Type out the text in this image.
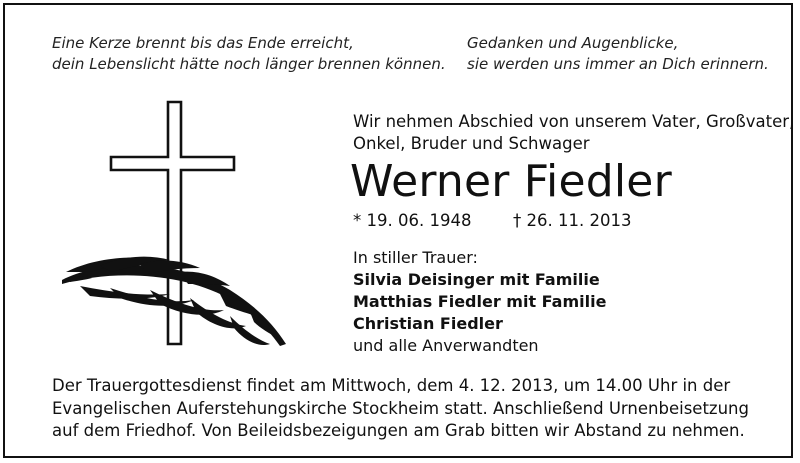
Eine Kerze brennt bis das Ende erreicht,
dein Lebenslicht hätte noch länger brennen können.
Gedanken und Augenblicke,
sie werden uns immer an Dich erinnern.
Wir nehmen Abschied von unserem Vater, Großvater,
Onkel, Bruder und Schwager
Werner Fiedler
* 19. 06. 1948	† 26. 11. 2013
In stiller Trauer:
Silvia Deisinger mit Familie
Matthias Fiedler mit Familie
Christian Fiedler
und alle Anverwandten
Der Trauergottesdienst findet am Mittwoch, dem 4. 12. 2013, um 14.00 Uhr in der
Evangelischen Auferstehungskirche Stockheim statt. Anschließend Urnenbeisetzung
auf dem Friedhof. Von Beileidsbezeigungen am Grab bitten wir Abstand zu nehmen.
